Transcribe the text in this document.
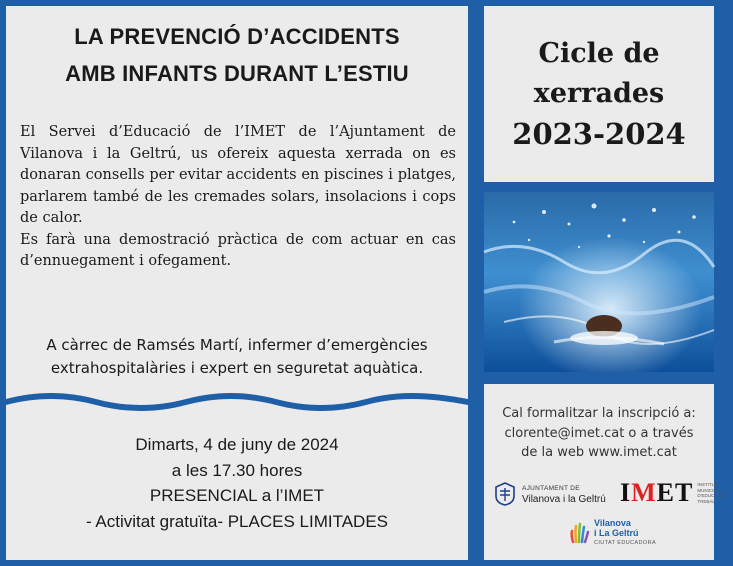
LA PREVENCIÓ D’ACCIDENTS
AMB INFANTS DURANT L’ESTIU

El Servei d’Educació de l’IMET de l’Ajuntament de Vilanova i la Geltrú, us ofereix aquesta xerrada on es donaran consells per evitar accidents en piscines i platges, parlarem també de les cremades solars, insolacions i cops de calor.

Es farà una demostració pràctica de com actuar en cas d’ennuegament i ofegament.

A càrrec de Ramsés Martí, infermer d’emergències
extrahospitalàries i expert en seguretat aquàtica.
Dimarts, 4 de juny de 2024
a les 17.30 hores
PRESENCIAL a l’IMET
- Activitat gratuïta- PLACES LIMITADES
Cicle de
xerrades
2023-2024
Cal formalitzar la inscripció a:
clorente@imet.cat o a través
de la web www.imet.cat
AJUNTAMENT DE
Vilanova i la Geltrú IMET INSTITUT MUNICIPAL D'EDUCACIÓ I TREBALL
Vilanova
i La Geltrú
CIUTAT EDUCADORA
